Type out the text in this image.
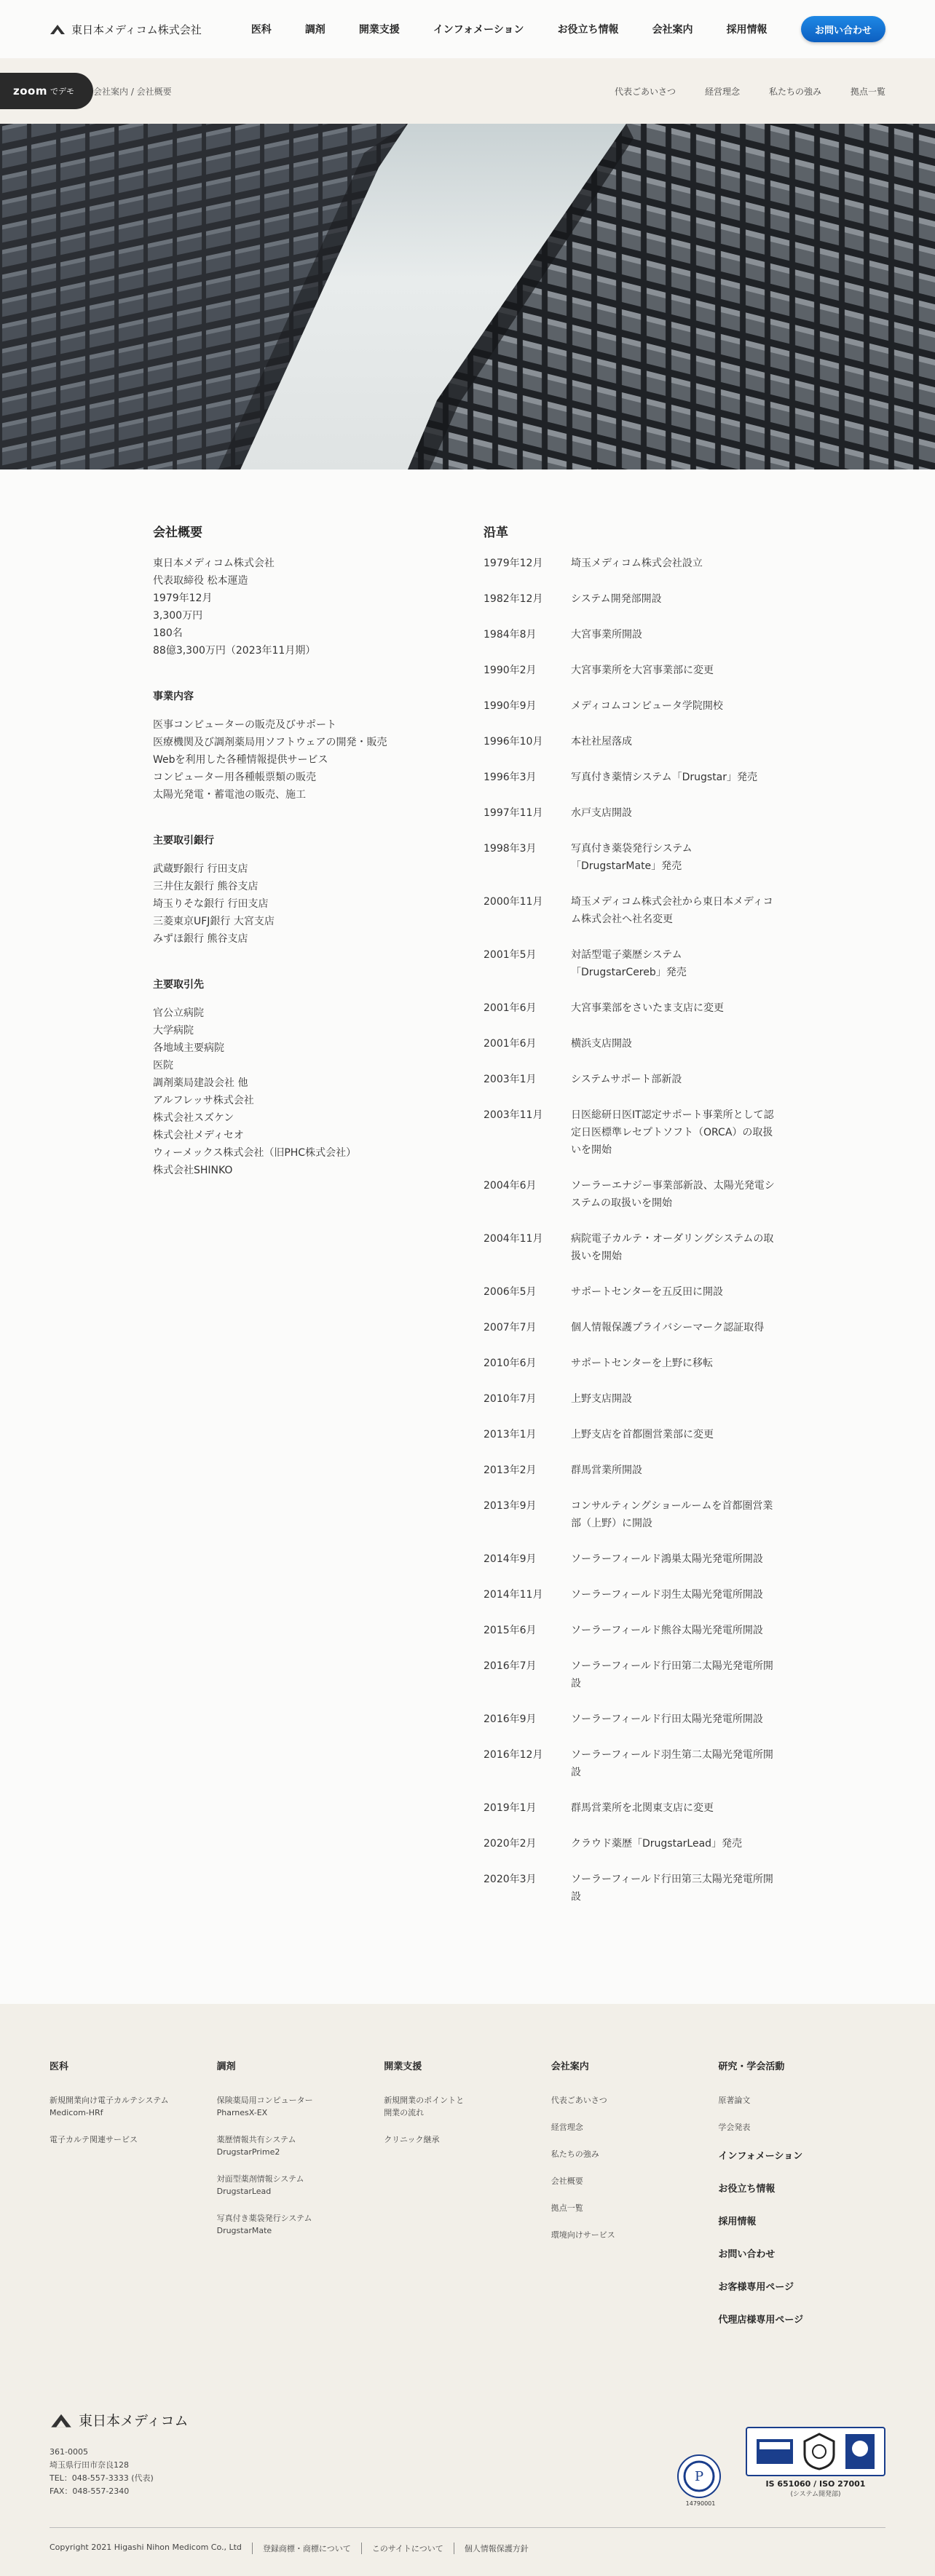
東日本メディコム株式会社	医科	調剤	開業支援	インフォメーション	お役立ち情報	会社案内	採用情報	お問い合わせ
zoom でデモ 会社案内 / 会社概要	代表ごあいさつ	経営理念	私たちの強み	拠点一覧
会社概要

東日本メディコム株式会社

代表取締役 松本運造

1979年12月

3,300万円

180名

88億3,300万円（2023年11月期）

事業内容

医事コンピューターの販売及びサポート

医療機関及び調剤薬局用ソフトウェアの開発・販売

Webを利用した各種情報提供サービス

コンピューター用各種帳票類の販売

太陽光発電・蓄電池の販売、施工

主要取引銀行

武蔵野銀行 行田支店

三井住友銀行 熊谷支店

埼玉りそな銀行 行田支店

三菱東京UFJ銀行 大宮支店

みずほ銀行 熊谷支店

主要取引先

官公立病院

大学病院

各地域主要病院

医院

調剤薬局建設会社 他

アルフレッサ株式会社

株式会社スズケン

株式会社メディセオ

ウィーメックス株式会社（旧PHC株式会社）

株式会社SHINKO

沿革
1979年12月	埼玉メディコム株式会社設立
1982年12月	システム開発部開設
1984年8月	大宮事業所開設
1990年2月	大宮事業所を大宮事業部に変更
1990年9月	メディコムコンピュータ学院開校
1996年10月	本社社屋落成
1996年3月	写真付き薬情システム「Drugstar」発売
1997年11月	水戸支店開設
1998年3月	写真付き薬袋発行システム
「DrugstarMate」発売
2000年11月	埼玉メディコム株式会社から東日本メディコム株式会社へ社名変更
2001年5月	対話型電子薬歴システム
「DrugstarCereb」発売
2001年6月	大宮事業部をさいたま支店に変更
2001年6月	横浜支店開設
2003年1月	システムサポート部新設
2003年11月	日医総研日医IT認定サポート事業所として認定日医標準レセプトソフト（ORCA）の取扱いを開始
2004年6月	ソーラーエナジー事業部新設、太陽光発電システムの取扱いを開始
2004年11月	病院電子カルテ・オーダリングシステムの取扱いを開始
2006年5月	サポートセンターを五反田に開設
2007年7月	個人情報保護プライバシーマーク認証取得
2010年6月	サポートセンターを上野に移転
2010年7月	上野支店開設
2013年1月	上野支店を首都圏営業部に変更
2013年2月	群馬営業所開設
2013年9月	コンサルティングショールームを首都圏営業部（上野）に開設
2014年9月	ソーラーフィールド鴻巣太陽光発電所開設
2014年11月	ソーラーフィールド羽生太陽光発電所開設
2015年6月	ソーラーフィールド熊谷太陽光発電所開設
2016年7月	ソーラーフィールド行田第二太陽光発電所開設
2016年9月	ソーラーフィールド行田太陽光発電所開設
2016年12月	ソーラーフィールド羽生第二太陽光発電所開設
2019年1月	群馬営業所を北関東支店に変更
2020年2月	クラウド薬歴「DrugstarLead」発売
2020年3月	ソーラーフィールド行田第三太陽光発電所開設
医科
新規開業向け電子カルテシステム
Medicom-HRf
電子カルテ関連サービス
調剤
保険薬局用コンピューター
PharnesX-EX
薬歴情報共有システム
DrugstarPrime2
対面型薬剤情報システム
DrugstarLead
写真付き薬袋発行システム
DrugstarMate
開業支援
新規開業のポイントと
開業の流れ
クリニック継承
会社案内
代表ごあいさつ
経営理念
私たちの強み
会社概要
拠点一覧
環境向けサービス
研究・学会活動
原著論文
学会発表
インフォメーション
お役立ち情報
採用情報
お問い合わせ
お客様専用ページ
代理店様専用ページ
東日本メディコム

361-0005

埼玉県行田市奈良128

TEL：048-557-3333 (代表)

FAX：048-557-2340

P
14790001
IS 651060 / ISO 27001
(システム開発部)
Copyright 2021 Higashi Nihon Medicom Co., Ltd	登録商標・商標について	このサイトについて	個人情報保護方針
